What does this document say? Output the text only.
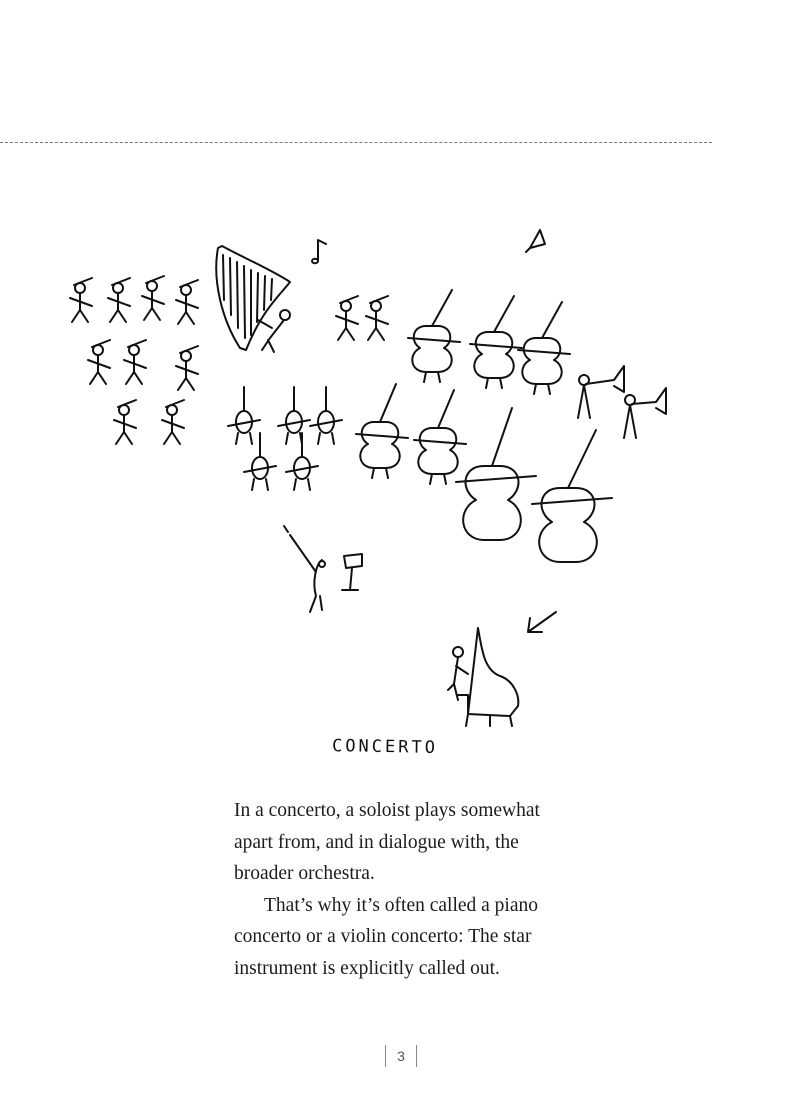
CONCERTO

In a concerto, a soloist plays somewhat apart from, and in dialogue with, the broader orchestra.

That’s why it’s often called a piano concerto or a violin concerto: The star instrument is explicitly called out.

3
